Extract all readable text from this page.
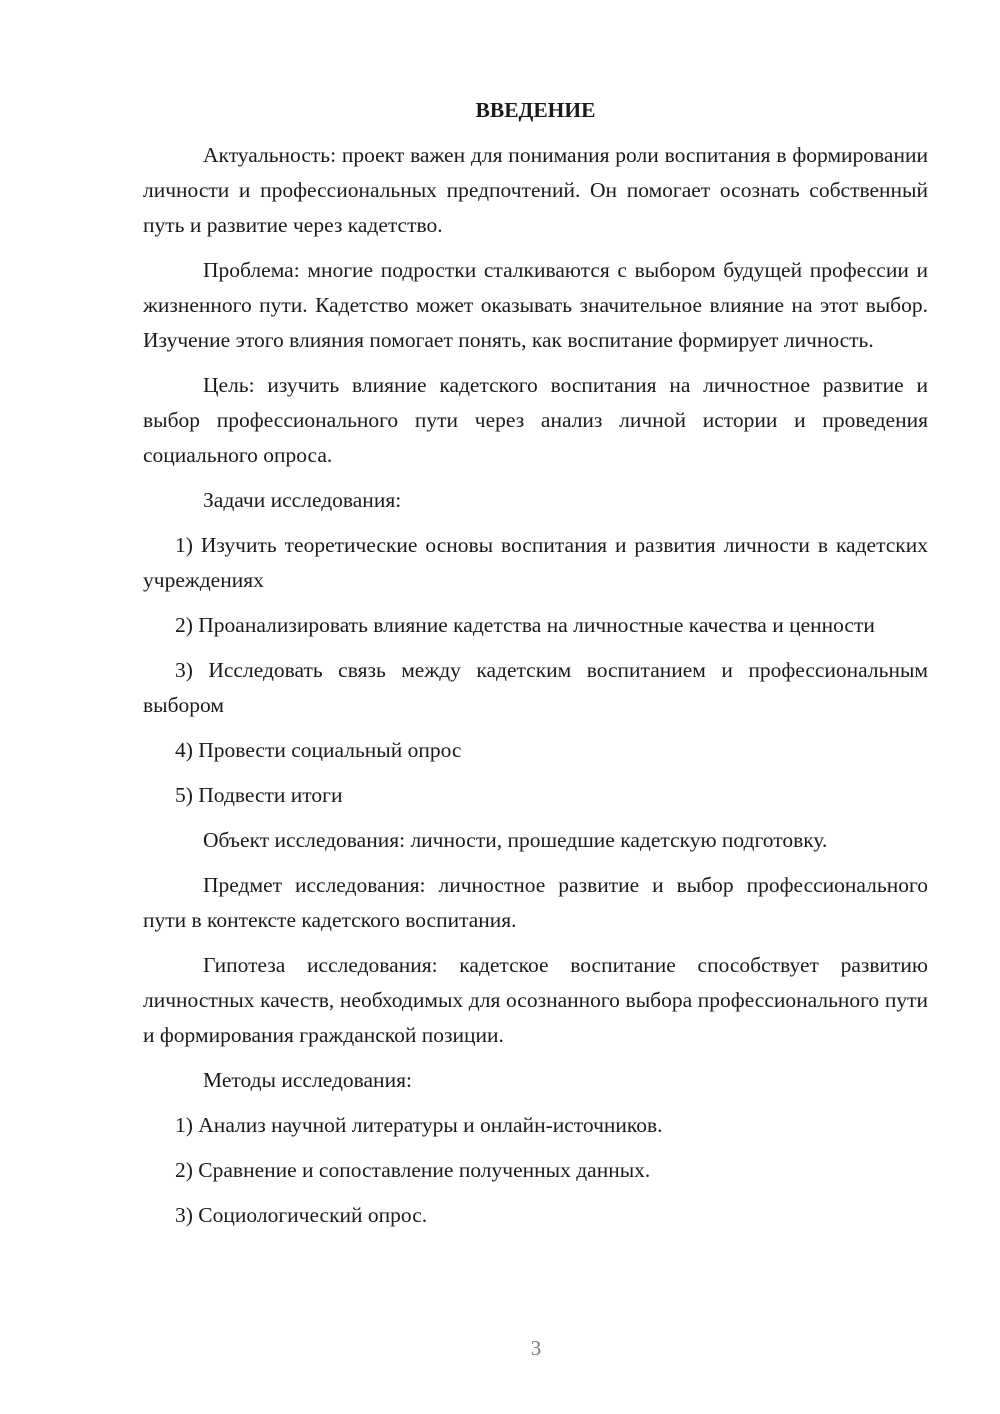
ВВЕДЕНИЕ

Актуальность: проект важен для понимания роли воспитания в формировании личности и профессиональных предпочтений. Он помогает осознать собственный путь и развитие через кадетство.

Проблема: многие подростки сталкиваются с выбором будущей профессии и жизненного пути. Кадетство может оказывать значительное влияние на этот выбор. Изучение этого влияния помогает понять, как воспитание формирует личность.

Цель: изучить влияние кадетского воспитания на личностное развитие и выбор профессионального пути через анализ личной истории и проведения социального опроса.

Задачи исследования:

1) Изучить теоретические основы воспитания и развития личности в кадетских учреждениях

2) Проанализировать влияние кадетства на личностные качества и ценности

3) Исследовать связь между кадетским воспитанием и профессиональным выбором

4) Провести социальный опрос

5) Подвести итоги

Объект исследования: личности, прошедшие кадетскую подготовку.

Предмет исследования: личностное развитие и выбор профессионального пути в контексте кадетского воспитания.

Гипотеза исследования: кадетское воспитание способствует развитию личностных качеств, необходимых для осознанного выбора профессионального пути и формирования гражданской позиции.

Методы исследования:

1) Анализ научной литературы и онлайн-источников.

2) Сравнение и сопоставление полученных данных.

3) Социологический опрос.

3
